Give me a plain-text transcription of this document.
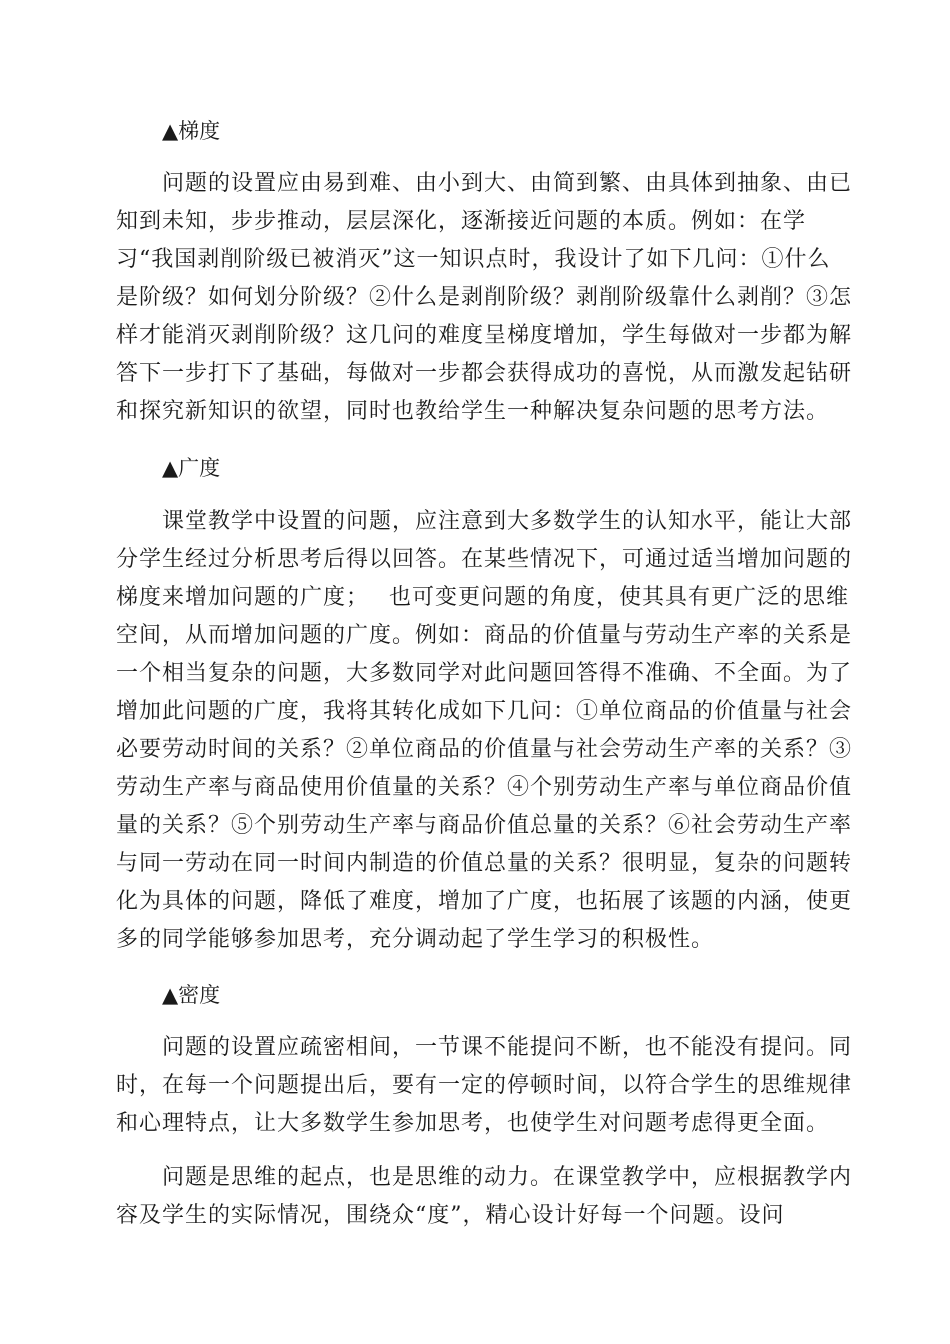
▲梯度
问题的设置应由易到难、由小到大、由简到繁、由具体到抽象、由已
知到未知，步步推动，层层深化，逐渐接近问题的本质。例如：在学
习“我国剥削阶级已被消灭”这一知识点时，我设计了如下几问：①什么
是阶级？如何划分阶级？②什么是剥削阶级？剥削阶级靠什么剥削？③怎
样才能消灭剥削阶级？这几问的难度呈梯度增加，学生每做对一步都为解
答下一步打下了基础，每做对一步都会获得成功的喜悦，从而激发起钻研
和探究新知识的欲望，同时也教给学生一种解决复杂问题的思考方法。
▲广度
课堂教学中设置的问题，应注意到大多数学生的认知水平，能让大部
分学生经过分析思考后得以回答。在某些情况下，可通过适当增加问题的
梯度来增加问题的广度；　 也可变更问题的角度，使其具有更广泛的思维
空间，从而增加问题的广度。例如：商品的价值量与劳动生产率的关系是
一个相当复杂的问题，大多数同学对此问题回答得不准确、不全面。为了
增加此问题的广度，我将其转化成如下几问：①单位商品的价值量与社会
必要劳动时间的关系？②单位商品的价值量与社会劳动生产率的关系？③
劳动生产率与商品使用价值量的关系？④个别劳动生产率与单位商品价值
量的关系？⑤个别劳动生产率与商品价值总量的关系？⑥社会劳动生产率
与同一劳动在同一时间内制造的价值总量的关系？很明显，复杂的问题转
化为具体的问题，降低了难度，增加了广度，也拓展了该题的内涵，使更
多的同学能够参加思考，充分调动起了学生学习的积极性。
▲密度
问题的设置应疏密相间，一节课不能提问不断，也不能没有提问。同
时，在每一个问题提出后，要有一定的停顿时间，以符合学生的思维规律
和心理特点，让大多数学生参加思考，也使学生对问题考虑得更全面。
问题是思维的起点，也是思维的动力。在课堂教学中，应根据教学内
容及学生的实际情况，围绕众“度”，精心设计好每一个问题。设问
